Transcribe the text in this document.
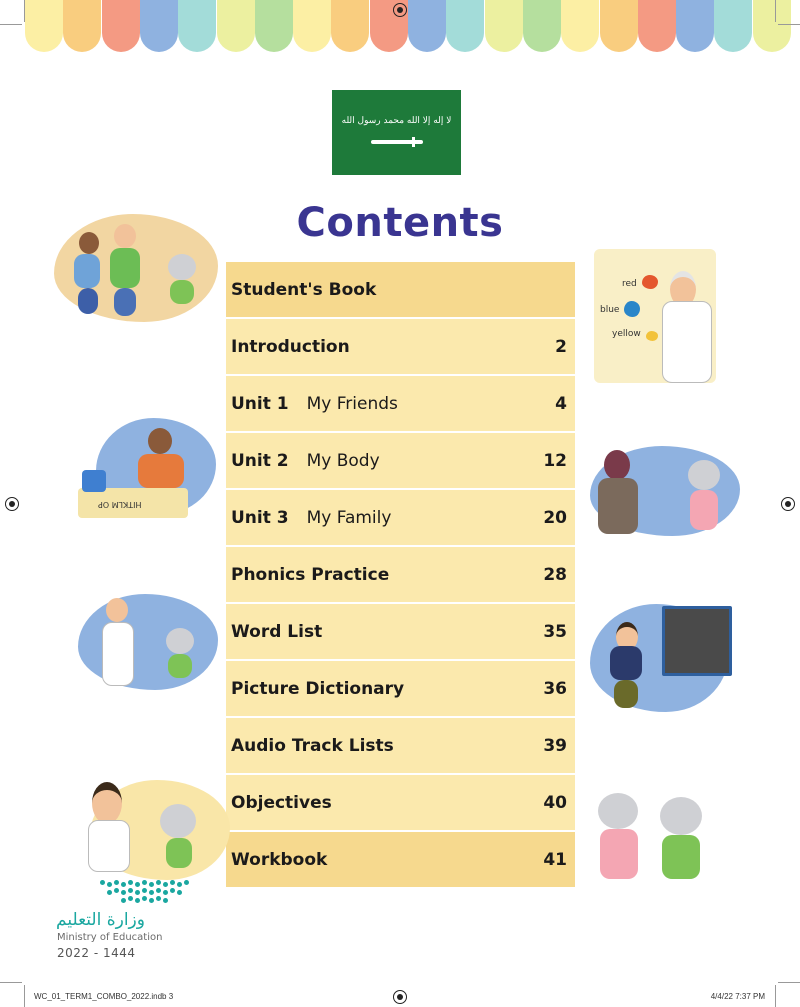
لا إله إلا الله محمد رسول الله
Contents
Student's Book
Introduction	2
Unit 1 My Friends	4
Unit 2 My Body	12
Unit 3 My Family	20
Phonics Practice	28
Word List	35
Picture Dictionary	36
Audio Track Lists	39
Objectives	40
Workbook	41
HITKLM OP
red
blue
yellow
وزارة التعليم
Ministry of Education
2022 - 1444
WC_01_TERM1_COMBO_2022.indb 3	4/4/22 7:37 PM
